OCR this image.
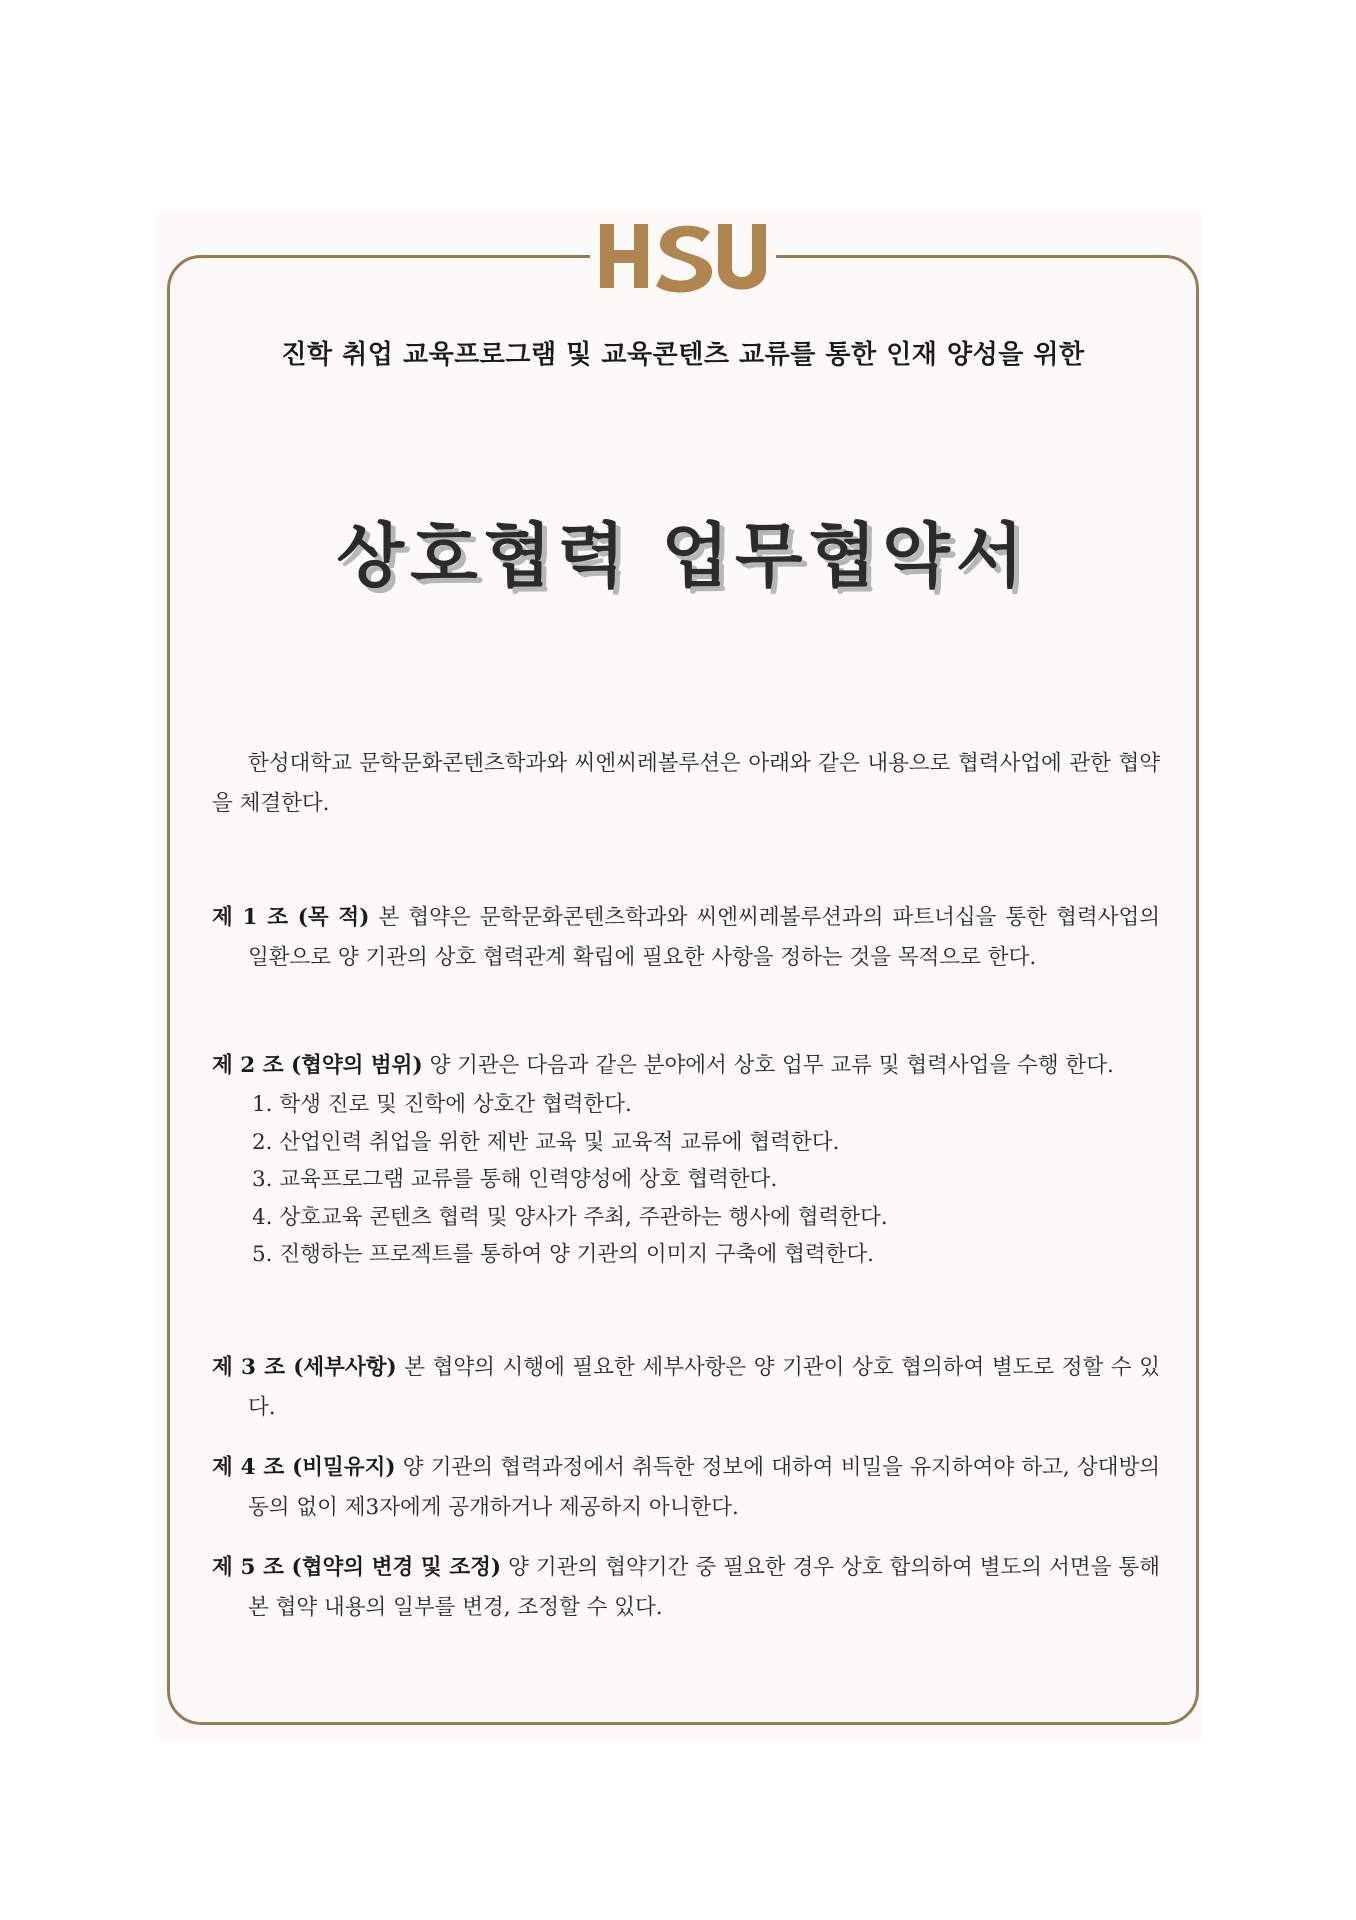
진학 취업 교육프로그램 및 교육콘텐츠 교류를 통한 인재 양성을 위한
상호협력 업무협약서
한성대학교 문학문화콘텐츠학과와 씨엔씨레볼루션은 아래와 같은 내용으로 협력사업에 관한 협약을 체결한다.
제 1 조 (목 적) 본 협약은 문학문화콘텐츠학과와 씨엔씨레볼루션과의 파트너십을 통한 협력사업의 일환으로 양 기관의 상호 협력관계 확립에 필요한 사항을 정하는 것을 목적으로 한다.
제 2 조 (협약의 범위) 양 기관은 다음과 같은 분야에서 상호 업무 교류 및 협력사업을 수행 한다.
1. 학생 진로 및 진학에 상호간 협력한다.
2. 산업인력 취업을 위한 제반 교육 및 교육적 교류에 협력한다.
3. 교육프로그램 교류를 통해 인력양성에 상호 협력한다.
4. 상호교육 콘텐츠 협력 및 양사가 주최, 주관하는 행사에 협력한다.
5. 진행하는 프로젝트를 통하여 양 기관의 이미지 구축에 협력한다.
제 3 조 (세부사항) 본 협약의 시행에 필요한 세부사항은 양 기관이 상호 협의하여 별도로 정할 수 있다.
제 4 조 (비밀유지) 양 기관의 협력과정에서 취득한 정보에 대하여 비밀을 유지하여야 하고, 상대방의 동의 없이 제3자에게 공개하거나 제공하지 아니한다.
제 5 조 (협약의 변경 및 조정) 양 기관의 협약기간 중 필요한 경우 상호 합의하여 별도의 서면을 통해 본 협약 내용의 일부를 변경, 조정할 수 있다.
